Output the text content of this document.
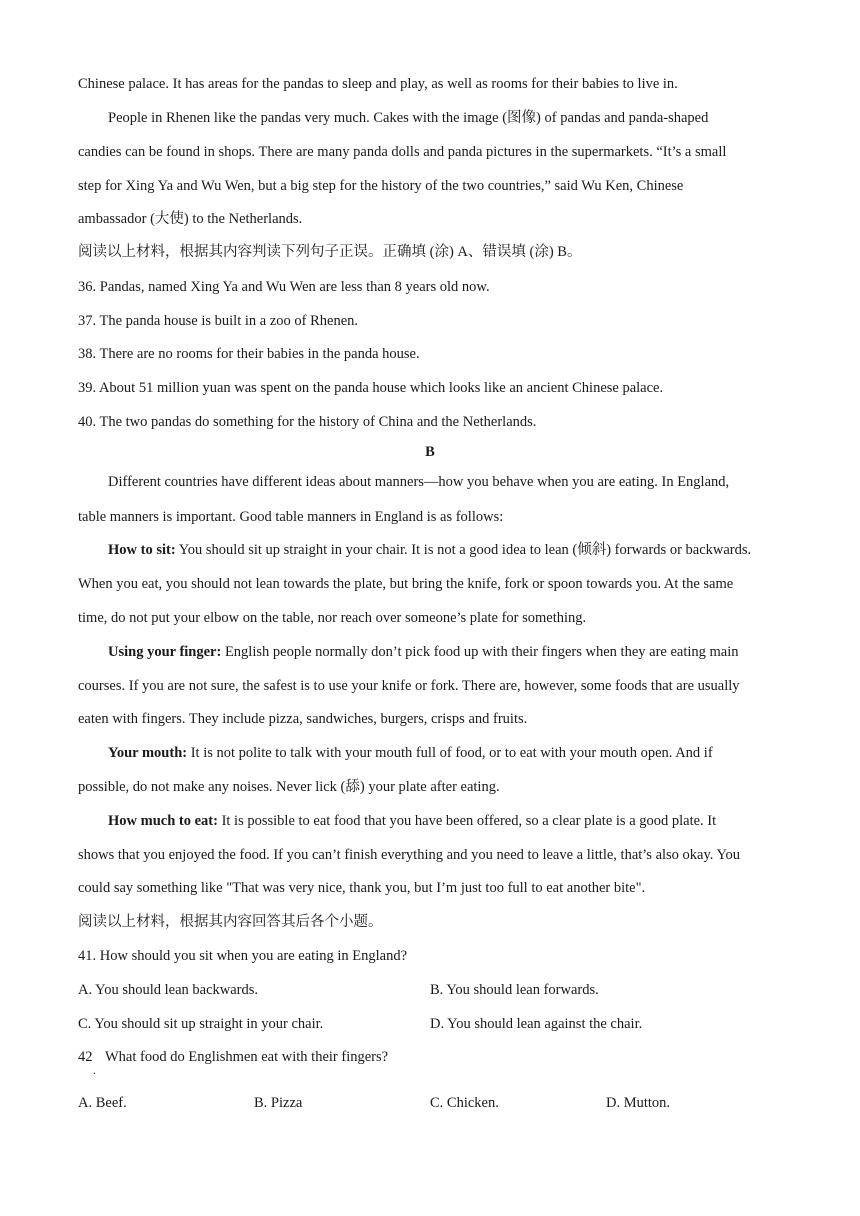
Chinese palace. It has areas for the pandas to sleep and play, as well as rooms for their babies to live in.
People in Rhenen like the pandas very much. Cakes with the image (图像) of pandas and panda-shaped
candies can be found in shops. There are many panda dolls and panda pictures in the supermarkets. “It’s a small
step for Xing Ya and Wu Wen, but a big step for the history of the two countries,” said Wu Ken, Chinese
ambassador (大使) to the Netherlands.
阅读以上材料，根据其内容判读下列句子正误。正确填 (涂) A、错误填 (涂) B。
36. Pandas, named Xing Ya and Wu Wen are less than 8 years old now.
37. The panda house is built in a zoo of Rhenen.
38. There are no rooms for their babies in the panda house.
39. About 51 million yuan was spent on the panda house which looks like an ancient Chinese palace.
40. The two pandas do something for the history of China and the Netherlands.
B
Different countries have different ideas about manners—how you behave when you are eating. In England,
table manners is important. Good table manners in England is as follows:
How to sit: You should sit up straight in your chair. It is not a good idea to lean (倾斜) forwards or backwards.
When you eat, you should not lean towards the plate, but bring the knife, fork or spoon towards you. At the same
time, do not put your elbow on the table, nor reach over someone’s plate for something.
Using your finger: English people normally don’t pick food up with their fingers when they are eating main
courses. If you are not sure, the safest is to use your knife or fork. There are, however, some foods that are usually
eaten with fingers. They include pizza, sandwiches, burgers, crisps and fruits.
Your mouth: It is not polite to talk with your mouth full of food, or to eat with your mouth open. And if
possible, do not make any noises. Never lick (舔) your plate after eating.
How much to eat: It is possible to eat food that you have been offered, so a clear plate is a good plate. It
shows that you enjoyed the food. If you can’t finish everything and you need to leave a little, that’s also okay. You
could say something like "That was very nice, thank you, but I’m just too full to eat another bite".
阅读以上材料，根据其内容回答其后各个小题。
41. How should you sit when you are eating in England?
A. You should lean backwards.	B. You should lean forwards.
C. You should sit up straight in your chair.	D. You should lean against the chair.
42
.
What food do Englishmen eat with their fingers?
A. Beef.	B. Pizza	C. Chicken.	D. Mutton.
